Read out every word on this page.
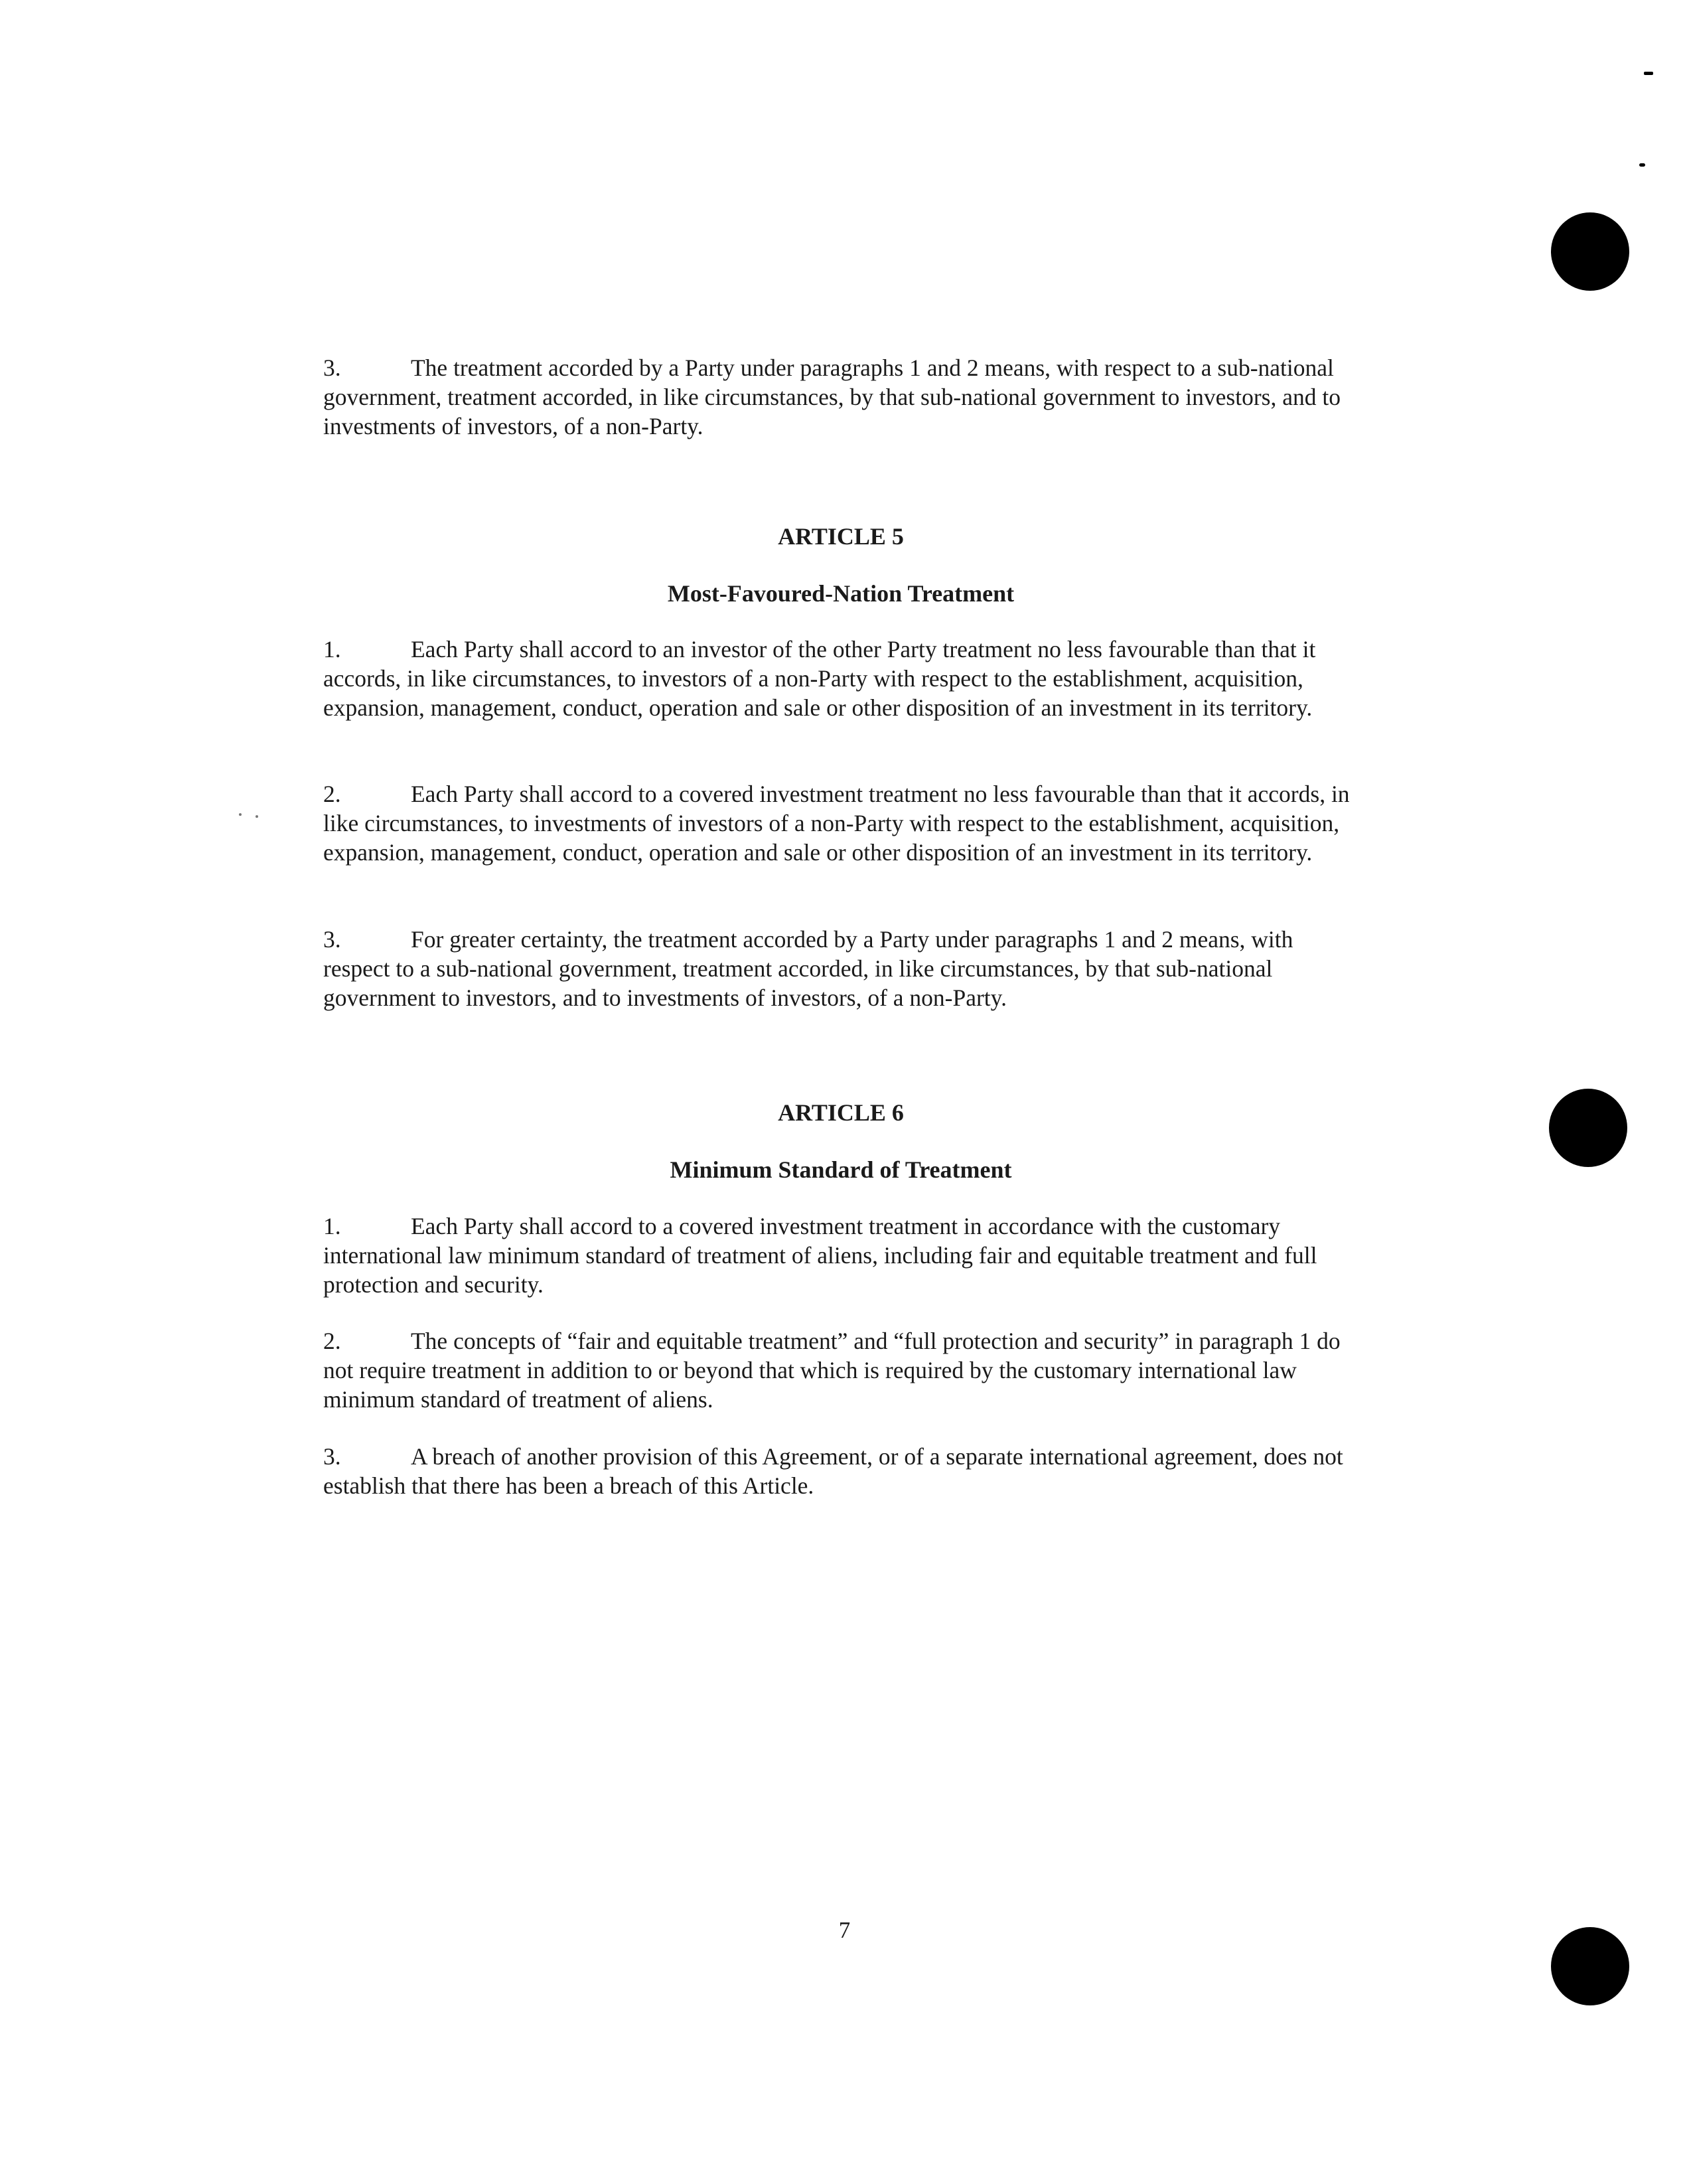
3.	The treatment accorded by a Party under paragraphs 1 and 2 means, with respect to a sub-national government, treatment accorded, in like circumstances, by that sub-national government to investors, and to investments of investors, of a non-Party.

ARTICLE 5
Most-Favoured-Nation Treatment

1.	Each Party shall accord to an investor of the other Party treatment no less favourable than that it accords, in like circumstances, to investors of a non-Party with respect to the establishment, acquisition, expansion, management, conduct, operation and sale or other disposition of an investment in its territory.

2.	Each Party shall accord to a covered investment treatment no less favourable than that it accords, in like circumstances, to investments of investors of a non-Party with respect to the establishment, acquisition, expansion, management, conduct, operation and sale or other disposition of an investment in its territory.

3.	For greater certainty, the treatment accorded by a Party under paragraphs 1 and 2 means, with respect to a sub-national government, treatment accorded, in like circumstances, by that sub-national government to investors, and to investments of investors, of a non-Party.

ARTICLE 6
Minimum Standard of Treatment

1.	Each Party shall accord to a covered investment treatment in accordance with the customary international law minimum standard of treatment of aliens, including fair and equitable treatment and full protection and security.

2.	The concepts of “fair and equitable treatment” and “full protection and security” in paragraph 1 do not require treatment in addition to or beyond that which is required by the customary international law minimum standard of treatment of aliens.

3.	A breach of another provision of this Agreement, or of a separate international agreement, does not establish that there has been a breach of this Article.

7
